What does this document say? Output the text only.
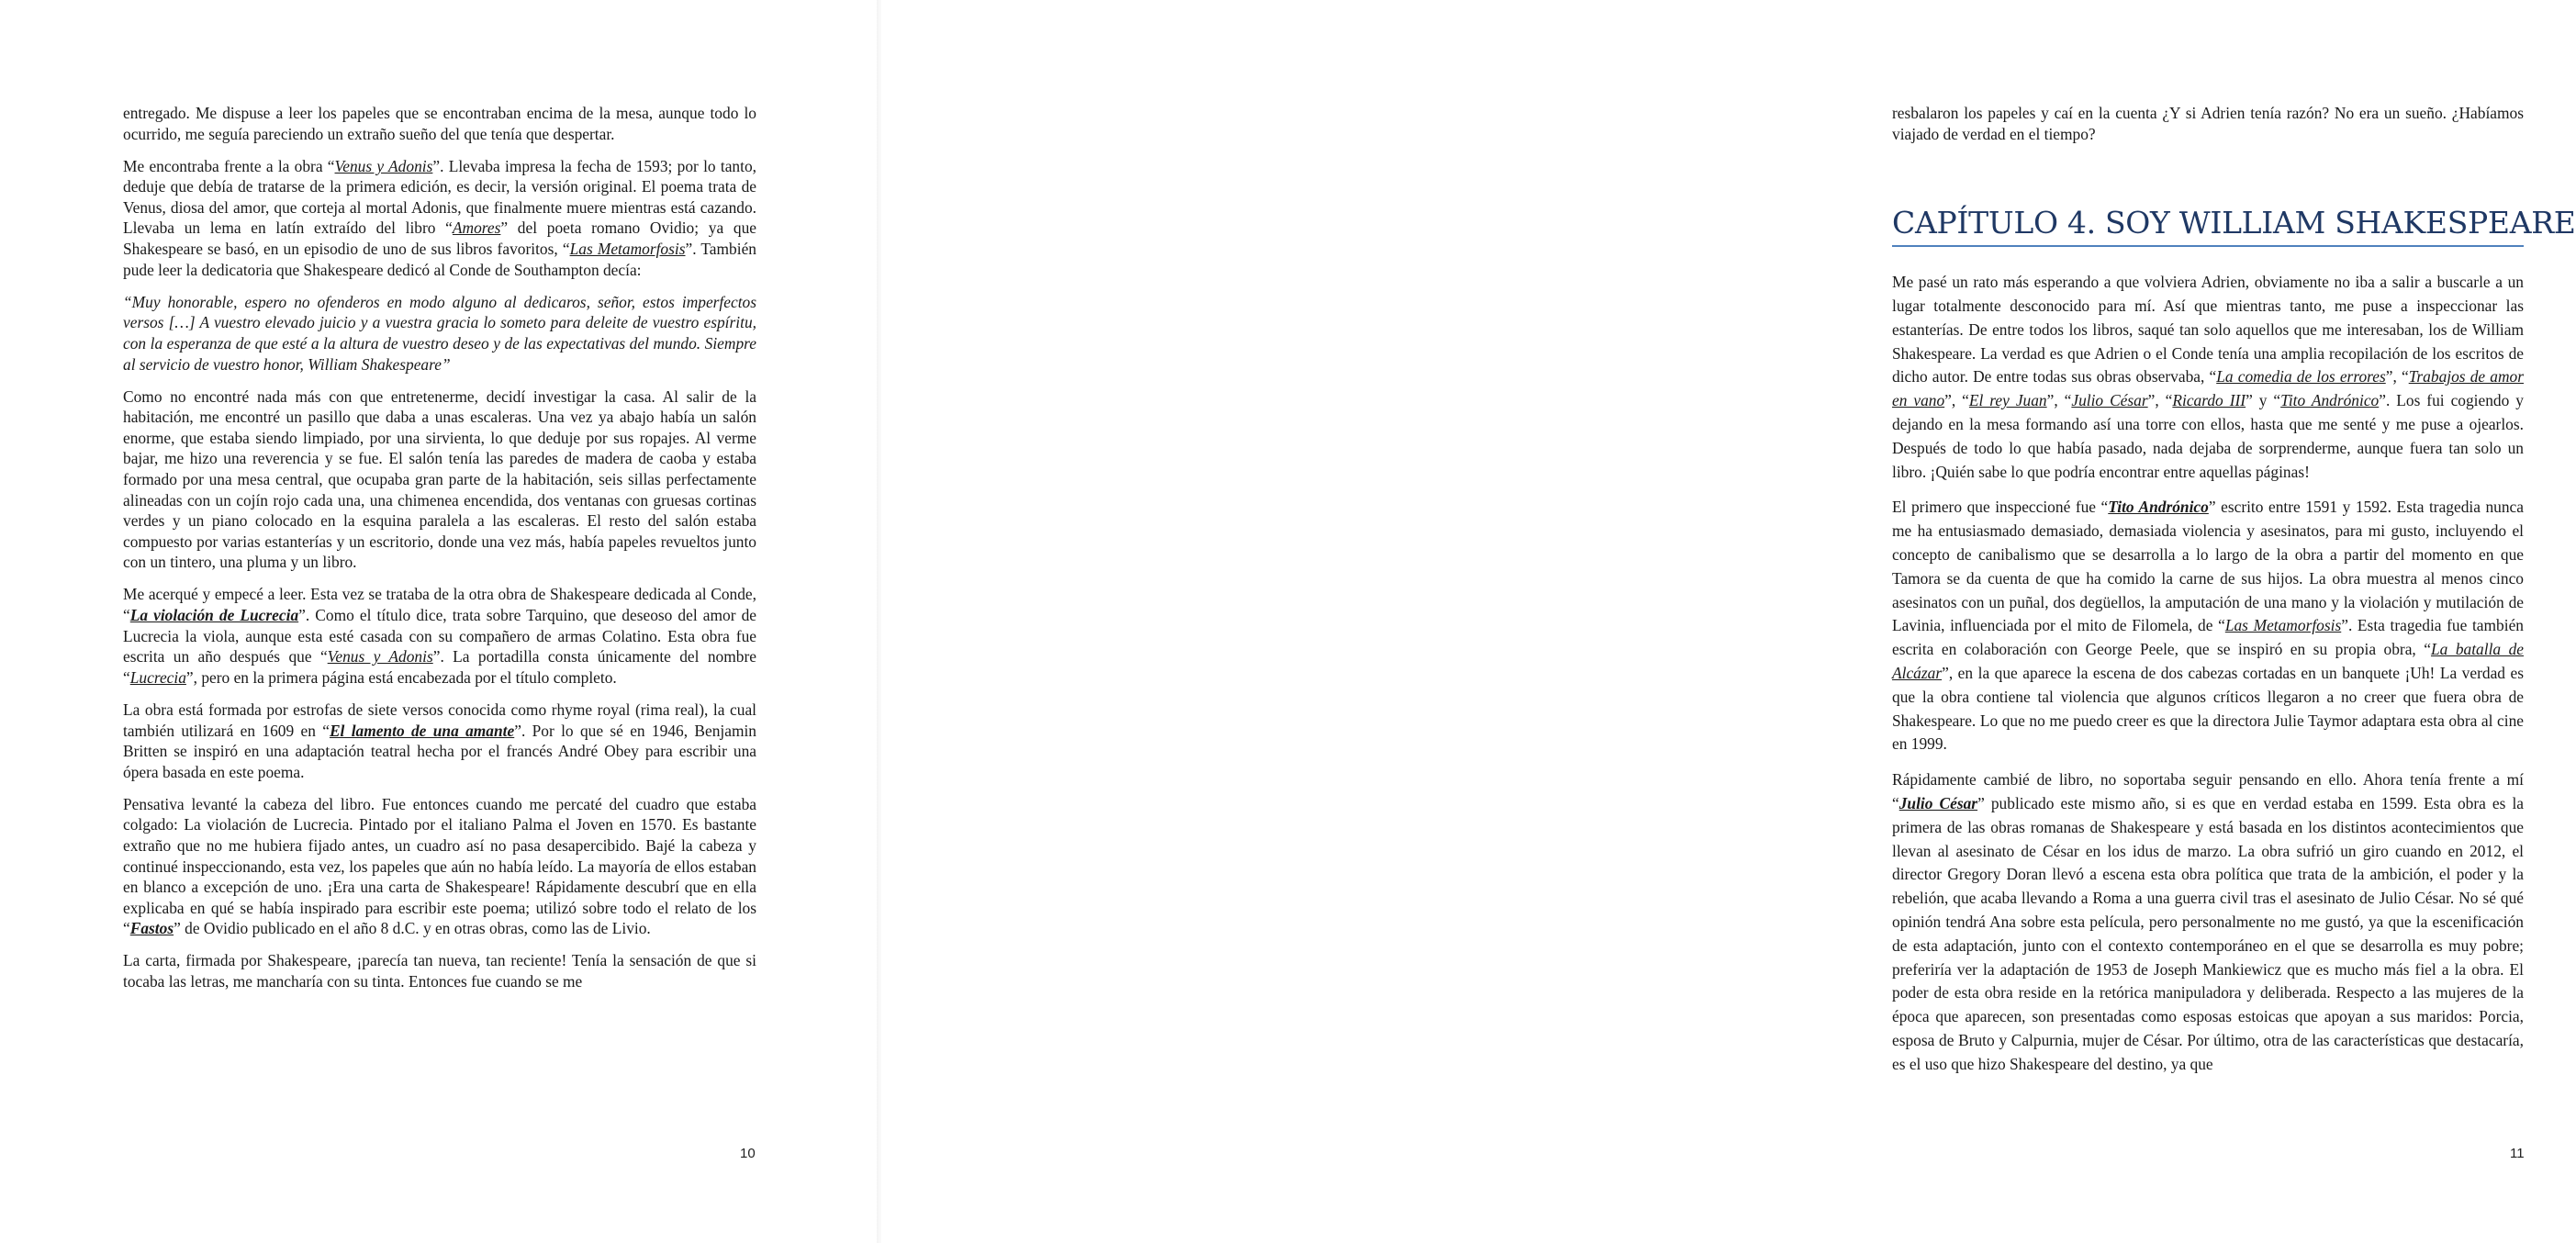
entregado. Me dispuse a leer los papeles que se encontraban encima de la mesa, aunque todo lo ocurrido, me seguía pareciendo un extraño sueño del que tenía que despertar.

Me encontraba frente a la obra “Venus y Adonis”. Llevaba impresa la fecha de 1593; por lo tanto, deduje que debía de tratarse de la primera edición, es decir, la versión original. El poema trata de Venus, diosa del amor, que corteja al mortal Adonis, que finalmente muere mientras está cazando. Llevaba un lema en latín extraído del libro “Amores” del poeta romano Ovidio; ya que Shakespeare se basó, en un episodio de uno de sus libros favoritos, “Las Metamorfosis”. También pude leer la dedicatoria que Shakespeare dedicó al Conde de Southampton decía:

“Muy honorable, espero no ofenderos en modo alguno al dedicaros, señor, estos imperfectos versos […] A vuestro elevado juicio y a vuestra gracia lo someto para deleite de vuestro espíritu, con la esperanza de que esté a la altura de vuestro deseo y de las expectativas del mundo. Siempre al servicio de vuestro honor, William Shakespeare”

Como no encontré nada más con que entretenerme, decidí investigar la casa. Al salir de la habitación, me encontré un pasillo que daba a unas escaleras. Una vez ya abajo había un salón enorme, que estaba siendo limpiado, por una sirvienta, lo que deduje por sus ropajes. Al verme bajar, me hizo una reverencia y se fue. El salón tenía las paredes de madera de caoba y estaba formado por una mesa central, que ocupaba gran parte de la habitación, seis sillas perfectamente alineadas con un cojín rojo cada una, una chimenea encendida, dos ventanas con gruesas cortinas verdes y un piano colocado en la esquina paralela a las escaleras. El resto del salón estaba compuesto por varias estanterías y un escritorio, donde una vez más, había papeles revueltos junto con un tintero, una pluma y un libro.

Me acerqué y empecé a leer. Esta vez se trataba de la otra obra de Shakespeare dedicada al Conde, “La violación de Lucrecia”. Como el título dice, trata sobre Tarquino, que deseoso del amor de Lucrecia la viola, aunque esta esté casada con su compañero de armas Colatino. Esta obra fue escrita un año después que “Venus y Adonis”. La portadilla consta únicamente del nombre “Lucrecia”, pero en la primera página está encabezada por el título completo.

La obra está formada por estrofas de siete versos conocida como rhyme royal (rima real), la cual también utilizará en 1609 en “El lamento de una amante”. Por lo que sé en 1946, Benjamin Britten se inspiró en una adaptación teatral hecha por el francés André Obey para escribir una ópera basada en este poema.

Pensativa levanté la cabeza del libro. Fue entonces cuando me percaté del cuadro que estaba colgado: La violación de Lucrecia. Pintado por el italiano Palma el Joven en 1570. Es bastante extraño que no me hubiera fijado antes, un cuadro así no pasa desapercibido. Bajé la cabeza y continué inspeccionando, esta vez, los papeles que aún no había leído. La mayoría de ellos estaban en blanco a excepción de uno. ¡Era una carta de Shakespeare! Rápidamente descubrí que en ella explicaba en qué se había inspirado para escribir este poema; utilizó sobre todo el relato de los “Fastos” de Ovidio publicado en el año 8 d.C. y en otras obras, como las de Livio.

La carta, firmada por Shakespeare, ¡parecía tan nueva, tan reciente! Tenía la sensación de que si tocaba las letras, me mancharía con su tinta. Entonces fue cuando se me

10

resbalaron los papeles y caí en la cuenta ¿Y si Adrien tenía razón? No era un sueño. ¿Habíamos viajado de verdad en el tiempo?

CAPÍTULO 4. SOY WILLIAM SHAKESPEARE

Me pasé un rato más esperando a que volviera Adrien, obviamente no iba a salir a buscarle a un lugar totalmente desconocido para mí. Así que mientras tanto, me puse a inspeccionar las estanterías. De entre todos los libros, saqué tan solo aquellos que me interesaban, los de William Shakespeare. La verdad es que Adrien o el Conde tenía una amplia recopilación de los escritos de dicho autor. De entre todas sus obras observaba, “La comedia de los errores”, “Trabajos de amor en vano”, “El rey Juan”, “Julio César”, “Ricardo III” y “Tito Andrónico”. Los fui cogiendo y dejando en la mesa formando así una torre con ellos, hasta que me senté y me puse a ojearlos. Después de todo lo que había pasado, nada dejaba de sorprenderme, aunque fuera tan solo un libro. ¡Quién sabe lo que podría encontrar entre aquellas páginas!

El primero que inspeccioné fue “Tito Andrónico” escrito entre 1591 y 1592. Esta tragedia nunca me ha entusiasmado demasiado, demasiada violencia y asesinatos, para mi gusto, incluyendo el concepto de canibalismo que se desarrolla a lo largo de la obra a partir del momento en que Tamora se da cuenta de que ha comido la carne de sus hijos. La obra muestra al menos cinco asesinatos con un puñal, dos degüellos, la amputación de una mano y la violación y mutilación de Lavinia, influenciada por el mito de Filomela, de “Las Metamorfosis”. Esta tragedia fue también escrita en colaboración con George Peele, que se inspiró en su propia obra, “La batalla de Alcázar”, en la que aparece la escena de dos cabezas cortadas en un banquete ¡Uh! La verdad es que la obra contiene tal violencia que algunos críticos llegaron a no creer que fuera obra de Shakespeare. Lo que no me puedo creer es que la directora Julie Taymor adaptara esta obra al cine en 1999.

Rápidamente cambié de libro, no soportaba seguir pensando en ello. Ahora tenía frente a mí “Julio César” publicado este mismo año, si es que en verdad estaba en 1599. Esta obra es la primera de las obras romanas de Shakespeare y está basada en los distintos acontecimientos que llevan al asesinato de César en los idus de marzo. La obra sufrió un giro cuando en 2012, el director Gregory Doran llevó a escena esta obra política que trata de la ambición, el poder y la rebelión, que acaba llevando a Roma a una guerra civil tras el asesinato de Julio César. No sé qué opinión tendrá Ana sobre esta película, pero personalmente no me gustó, ya que la escenificación de esta adaptación, junto con el contexto contemporáneo en el que se desarrolla es muy pobre; preferiría ver la adaptación de 1953 de Joseph Mankiewicz que es mucho más fiel a la obra. El poder de esta obra reside en la retórica manipuladora y deliberada. Respecto a las mujeres de la época que aparecen, son presentadas como esposas estoicas que apoyan a sus maridos: Porcia, esposa de Bruto y Calpurnia, mujer de César. Por último, otra de las características que destacaría, es el uso que hizo Shakespeare del destino, ya que

11
